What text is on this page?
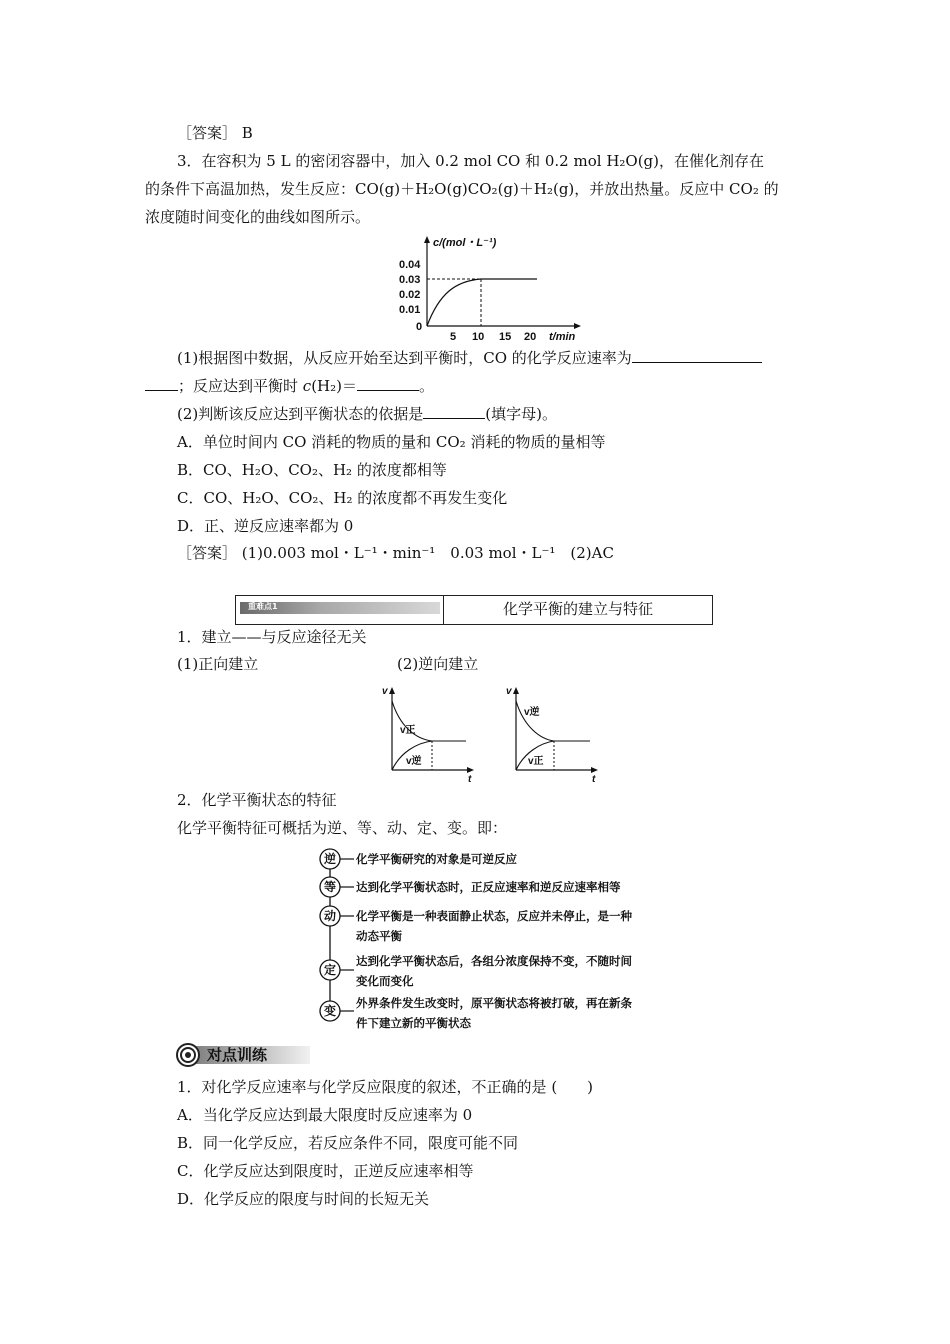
［答案］ B
3．在容积为 5 L 的密闭容器中，加入 0.2 mol CO 和 0.2 mol H₂O(g)，在催化剂存在
的条件下高温加热，发生反应：CO(g)＋H₂O(g)CO₂(g)＋H₂(g)，并放出热量。反应中 CO₂ 的
浓度随时间变化的曲线如图所示。
c/(mol・L⁻¹)
0.04
0.03
0.02
0.01
0
5 10 15 20 t/min
(1)根据图中数据，从反应开始至达到平衡时，CO 的化学反应速率为
；反应达到平衡时 c(H₂)＝	。
(2)判断该反应达到平衡状态的依据是	(填字母)。
A．单位时间内 CO 消耗的物质的量和 CO₂ 消耗的物质的量相等
B．CO、H₂O、CO₂、H₂ 的浓度都相等
C．CO、H₂O、CO₂、H₂ 的浓度都不再发生变化
D．正、逆反应速率都为 0
［答案］ (1)0.003 mol・L⁻¹・min⁻¹　0.03 mol・L⁻¹　(2)AC
重难点1	化学平衡的建立与特征
1．建立——与反应途径无关
(1)正向建立	(2)逆向建立
v
t
v正
v逆
v
t
v逆
v正
2．化学平衡状态的特征
化学平衡特征可概括为逆、等、动、定、变。即：
逆
等
动
定
变
化学平衡研究的对象是可逆反应
达到化学平衡状态时，正反应速率和逆反应速率相等
化学平衡是一种表面静止状态，反应并未停止，是一种
动态平衡
达到化学平衡状态后，各组分浓度保持不变，不随时间
变化而变化
外界条件发生改变时，原平衡状态将被打破，再在新条
件下建立新的平衡状态
对点训练
1．对化学反应速率与化学反应限度的叙述，不正确的是 (　　)
A．当化学反应达到最大限度时反应速率为 0
B．同一化学反应，若反应条件不同，限度可能不同
C．化学反应达到限度时，正逆反应速率相等
D．化学反应的限度与时间的长短无关
